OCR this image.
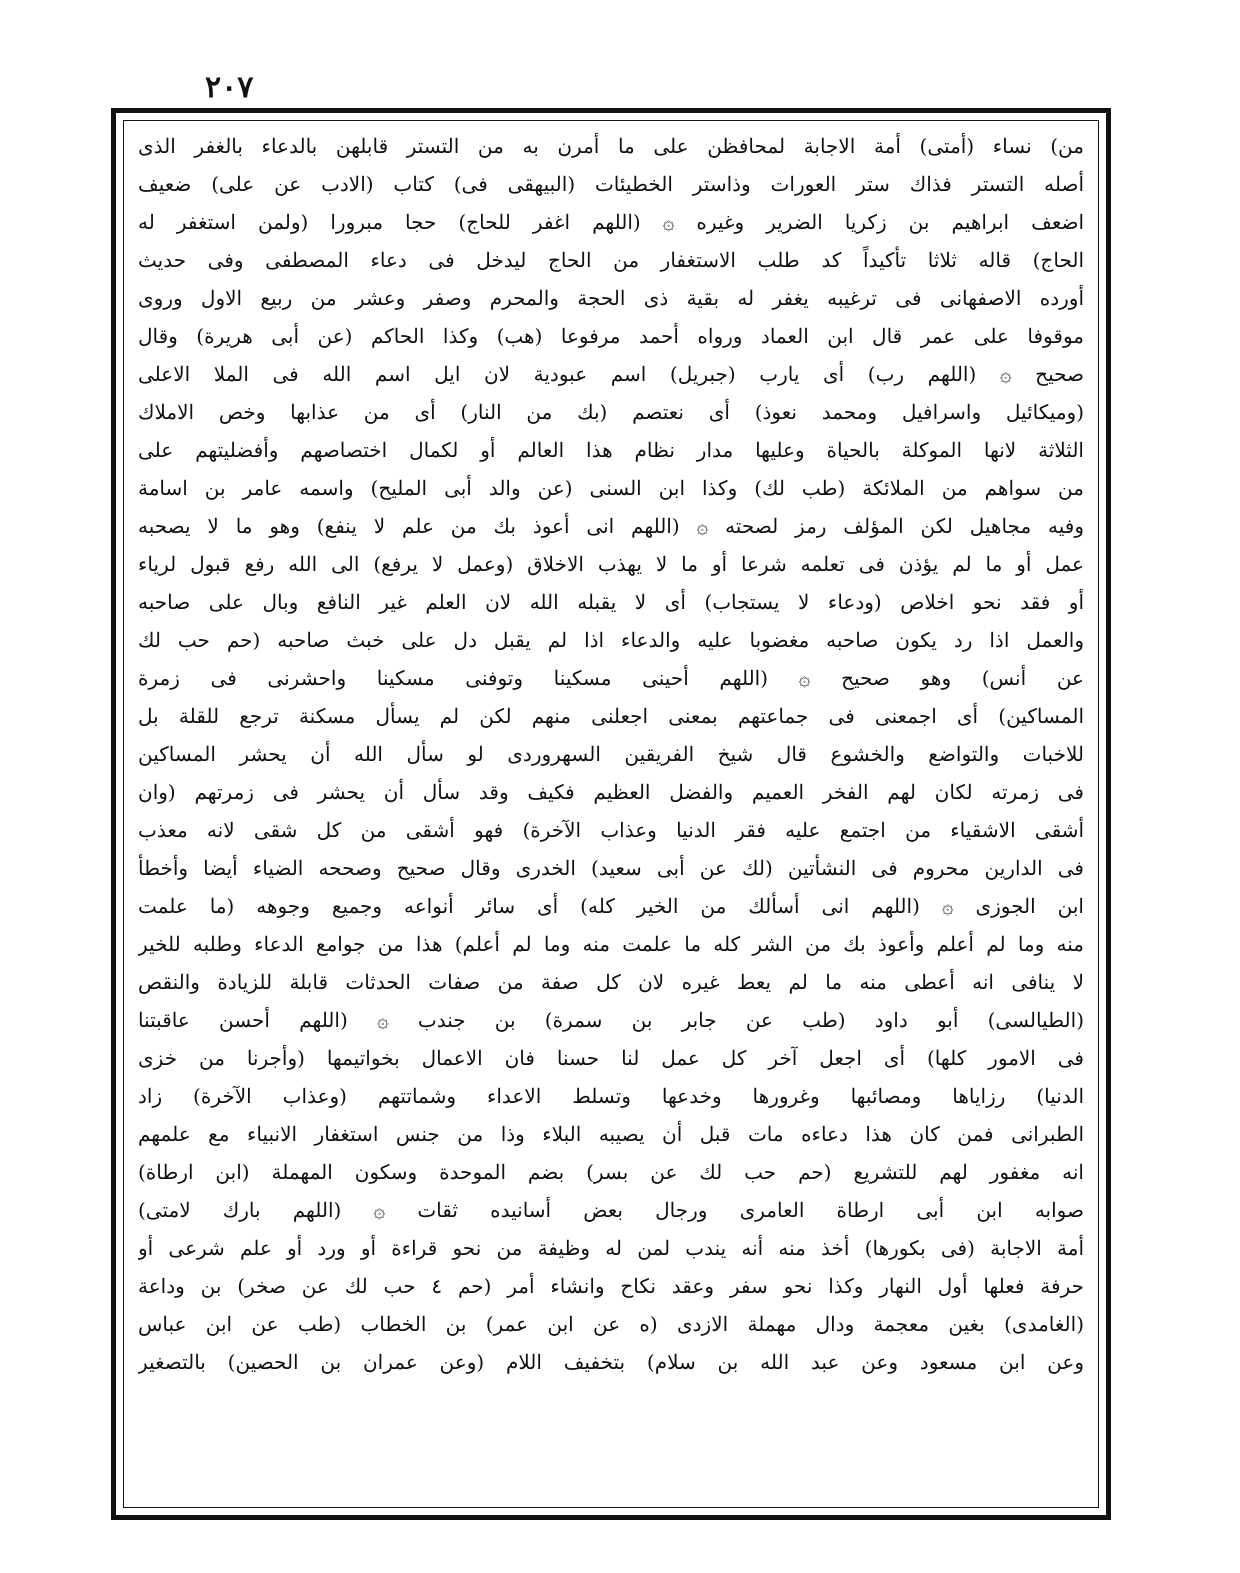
٢٠٧
من) نساء (أمتى) أمة الاجابة لمحافظن على ما أمرن به من التستر قابلهن بالدعاء بالغفر الذى
أصله التستر فذاك ستر العورات وذاستر الخطيئات (البيهقى فى) كتاب (الادب عن على) ضعيف
اضعف ابراهيم بن زكريا الضرير وغيره ۞ (اللهم اغفر للحاج) حجا مبرورا (ولمن استغفر له
الحاج) قاله ثلاثا تأكيداً كد طلب الاستغفار من الحاج ليدخل فى دعاء المصطفى وفى حديث
أورده الاصفهانى فى ترغيبه يغفر له بقية ذى الحجة والمحرم وصفر وعشر من ربيع الاول وروى
موقوفا على عمر قال ابن العماد ورواه أحمد مرفوعا (هب) وكذا الحاكم (عن أبى هريرة) وقال
صحيح ۞ (اللهم رب) أى يارب (جبريل) اسم عبودية لان ايل اسم الله فى الملا الاعلى
(وميكائيل واسرافيل ومحمد نعوذ) أى نعتصم (بك من النار) أى من عذابها وخص الاملاك
الثلاثة لانها الموكلة بالحياة وعليها مدار نظام هذا العالم أو لكمال اختصاصهم وأفضليتهم على
من سواهم من الملائكة (طب لك) وكذا ابن السنى (عن والد أبى المليح) واسمه عامر بن اسامة
وفيه مجاهيل لكن المؤلف رمز لصحته ۞ (اللهم انى أعوذ بك من علم لا ينفع) وهو ما لا يصحبه
عمل أو ما لم يؤذن فى تعلمه شرعا أو ما لا يهذب الاخلاق (وعمل لا يرفع) الى الله رفع قبول لرياء
أو فقد نحو اخلاص (ودعاء لا يستجاب) أى لا يقبله الله لان العلم غير النافع وبال على صاحبه
والعمل اذا رد يكون صاحبه مغضوبا عليه والدعاء اذا لم يقبل دل على خبث صاحبه (حم حب لك
عن أنس) وهو صحيح ۞ (اللهم أحينى مسكينا وتوفنى مسكينا واحشرنى فى زمرة
المساكين) أى اجمعنى فى جماعتهم بمعنى اجعلنى منهم لكن لم يسأل مسكنة ترجع للقلة بل
للاخبات والتواضع والخشوع قال شيخ الفريقين السهروردى لو سأل الله أن يحشر المساكين
فى زمرته لكان لهم الفخر العميم والفضل العظيم فكيف وقد سأل أن يحشر فى زمرتهم (وان
أشقى الاشقياء من اجتمع عليه فقر الدنيا وعذاب الآخرة) فهو أشقى من كل شقى لانه معذب
فى الدارين محروم فى النشأتين (لك عن أبى سعيد) الخدرى وقال صحيح وصححه الضياء أيضا وأخطأ
ابن الجوزى ۞ (اللهم انى أسألك من الخير كله) أى سائر أنواعه وجميع وجوهه (ما علمت
منه وما لم أعلم وأعوذ بك من الشر كله ما علمت منه وما لم أعلم) هذا من جوامع الدعاء وطلبه للخير
لا ينافى انه أعطى منه ما لم يعط غيره لان كل صفة من صفات الحدثات قابلة للزيادة والنقص
(الطيالسى) أبو داود (طب عن جابر بن سمرة) بن جندب ۞ (اللهم أحسن عاقبتنا
فى الامور كلها) أى اجعل آخر كل عمل لنا حسنا فان الاعمال بخواتيمها (وأجرنا من خزى
الدنيا) رزاياها ومصائبها وغرورها وخدعها وتسلط الاعداء وشماتتهم (وعذاب الآخرة) زاد
الطبرانى فمن كان هذا دعاءه مات قبل أن يصيبه البلاء وذا من جنس استغفار الانبياء مع علمهم
انه مغفور لهم للتشريع (حم حب لك عن بسر) بضم الموحدة وسكون المهملة (ابن ارطاة)
صوابه ابن أبى ارطاة العامرى ورجال بعض أسانيده ثقات ۞ (اللهم بارك لامتى)
أمة الاجابة (فى بكورها) أخذ منه أنه يندب لمن له وظيفة من نحو قراءة أو ورد أو علم شرعى أو
حرفة فعلها أول النهار وكذا نحو سفر وعقد نكاح وانشاء أمر (حم ٤ حب لك عن صخر) بن وداعة
(الغامدى) بغين معجمة ودال مهملة الازدى (ه عن ابن عمر) بن الخطاب (طب عن ابن عباس
وعن ابن مسعود وعن عبد الله بن سلام) بتخفيف اللام (وعن عمران بن الحصين) بالتصغير
